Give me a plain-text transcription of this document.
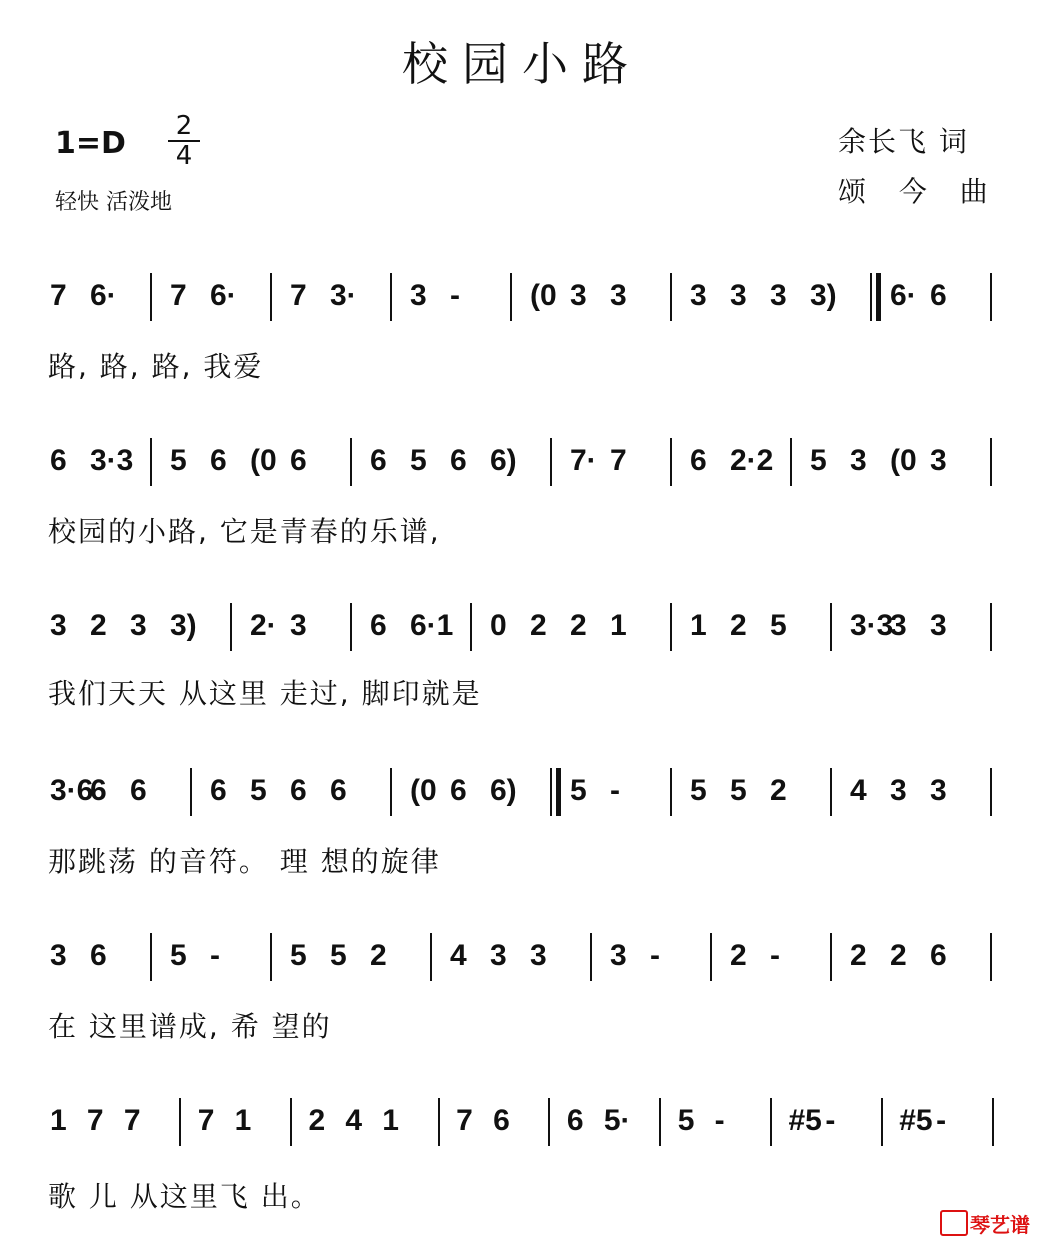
校园小路
1=D 2
4
轻快 活泼地
余长飞 词
颂 今 曲
7 6· 7 6· 7 3· 3 - (0 3 3 3 3 3 3) 6· 6
路, 路, 路, 我爱
6 3·3 5 6 (0 6 6 5 6 6) 7· 7 6 2·2 5 3 (0 3
校园的小路, 它是青春的乐谱,
3 2 3 3) 2· 3 6 6·1 0 2 2 1 1 2 5 3·3
3 3
我们天天 从这里 走过, 脚印就是
3·6
6 6 6 5 6 6 (0 6 6) 5 - 5 5 2 4 3 3
那跳荡 的音符。 理 想的旋律
3 6 5 - 5 5 2 4 3 3 3 - 2 - 2 2 6
在 这里谱成, 希 望的
1 7 7 7 1 2 4 1 7 6 6 5· 5 - #5 - #5 -
歌 儿 从这里飞 出。
琴艺谱
